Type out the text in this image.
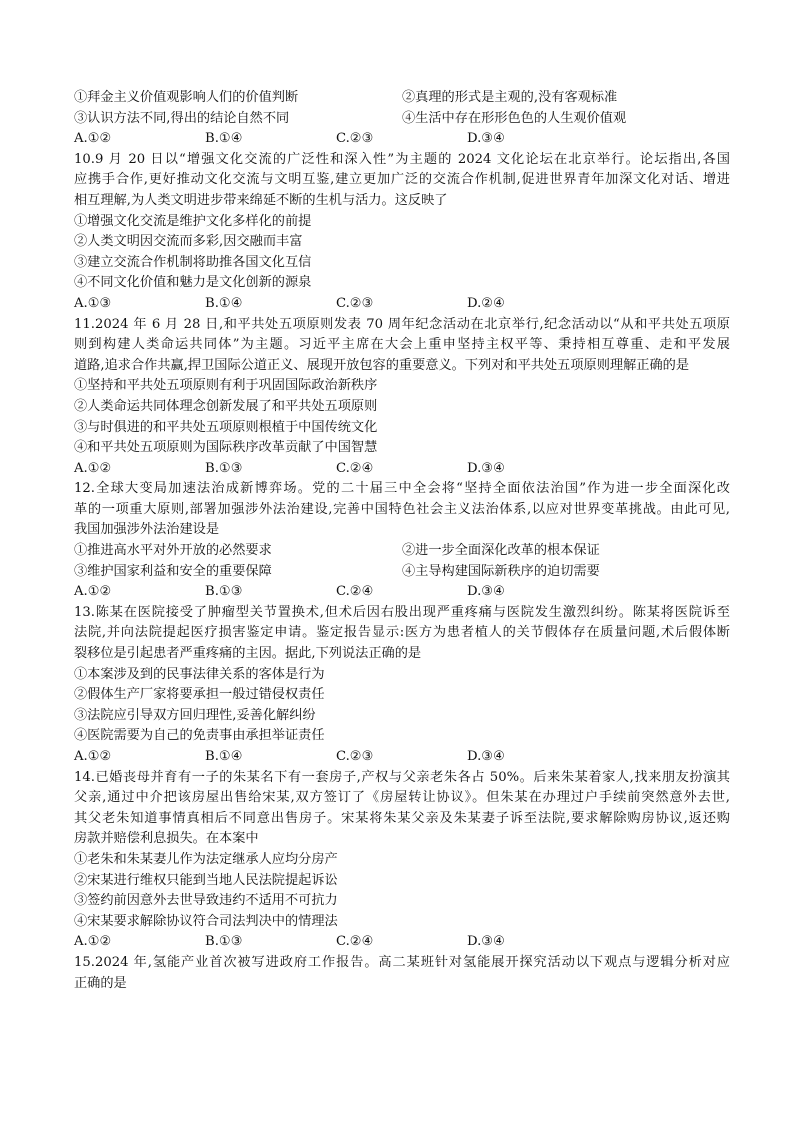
①拜金主义价值观影响人们的价值判断	②真理的形式是主观的,没有客观标准
③认识方法不同,得出的结论自然不同	④生活中存在形形色色的人生观价值观
A.①②	B.①④	C.②③	D.③④
10.9 月 20 日以“增强文化交流的广泛性和深入性”为主题的 2024 文化论坛在北京举行。论坛指出,各国
应携手合作,更好推动文化交流与文明互鉴,建立更加广泛的交流合作机制,促进世界青年加深文化对话、增进
相互理解,为人类文明进步带来绵延不断的生机与活力。这反映了
①增强文化交流是维护文化多样化的前提
②人类文明因交流而多彩,因交融而丰富
③建立交流合作机制将助推各国文化互信
④不同文化价值和魅力是文化创新的源泉
A.①③	B.①④	C.②③	D.②④
11.2024 年 6 月 28 日,和平共处五项原则发表 70 周年纪念活动在北京举行,纪念活动以“从和平共处五项原
则到构建人类命运共同体”为主题。习近平主席在大会上重申坚持主权平等、秉持相互尊重、走和平发展
道路,追求合作共赢,捍卫国际公道正义、展现开放包容的重要意义。下列对和平共处五项原则理解正确的是
①坚持和平共处五项原则有利于巩固国际政治新秩序
②人类命运共同体理念创新发展了和平共处五项原则
③与时俱进的和平共处五项原则根植于中国传统文化
④和平共处五项原则为国际秩序改革贡献了中国智慧
A.①②	B.①③	C.②④	D.③④
12.全球大变局加速法治成新博弈场。党的二十届三中全会将“坚持全面依法治国”作为进一步全面深化改
革的一项重大原则,部署加强涉外法治建设,完善中国特色社会主义法治体系,以应对世界变革挑战。由此可见,
我国加强涉外法治建设是
①推进高水平对外开放的必然要求	②进一步全面深化改革的根本保证
③维护国家利益和安全的重要保障	④主导构建国际新秩序的迫切需要
A.①②	B.①③	C.②④	D.③④
13.陈某在医院接受了肿瘤型关节置换术,但术后因右股出现严重疼痛与医院发生激烈纠纷。陈某将医院诉至
法院,并向法院提起医疗损害鉴定申请。鉴定报告显示:医方为患者植人的关节假体存在质量问题,术后假体断
裂移位是引起患者严重疼痛的主因。据此,下列说法正确的是
①本案涉及到的民事法律关系的客体是行为
②假体生产厂家将要承担一般过错侵权责任
③法院应引导双方回归理性,妥善化解纠纷
④医院需要为自己的免责事由承担举证责任
A.①②	B.①④	C.②③	D.③④
14.已婚丧母并育有一子的朱某名下有一套房子,产权与父亲老朱各占 50%。后来朱某着家人,找来朋友扮演其
父亲,通过中介把该房屋出售给宋某,双方签订了《房屋转让协议》。但朱某在办理过户手续前突然意外去世,
其父老朱知道事情真相后不同意出售房子。宋某将朱某父亲及朱某妻子诉至法院,要求解除购房协议,返还购
房款并赔偿利息损失。在本案中
①老朱和朱某妻儿作为法定继承人应均分房产
②宋某进行维权只能到当地人民法院提起诉讼
③签约前因意外去世导致违约不适用不可抗力
④宋某要求解除协议符合司法判决中的情理法
A.①②	B.①③	C.②④	D.③④
15.2024 年,氢能产业首次被写进政府工作报告。高二某班针对氢能展开探究活动以下观点与逻辑分析对应
正确的是
